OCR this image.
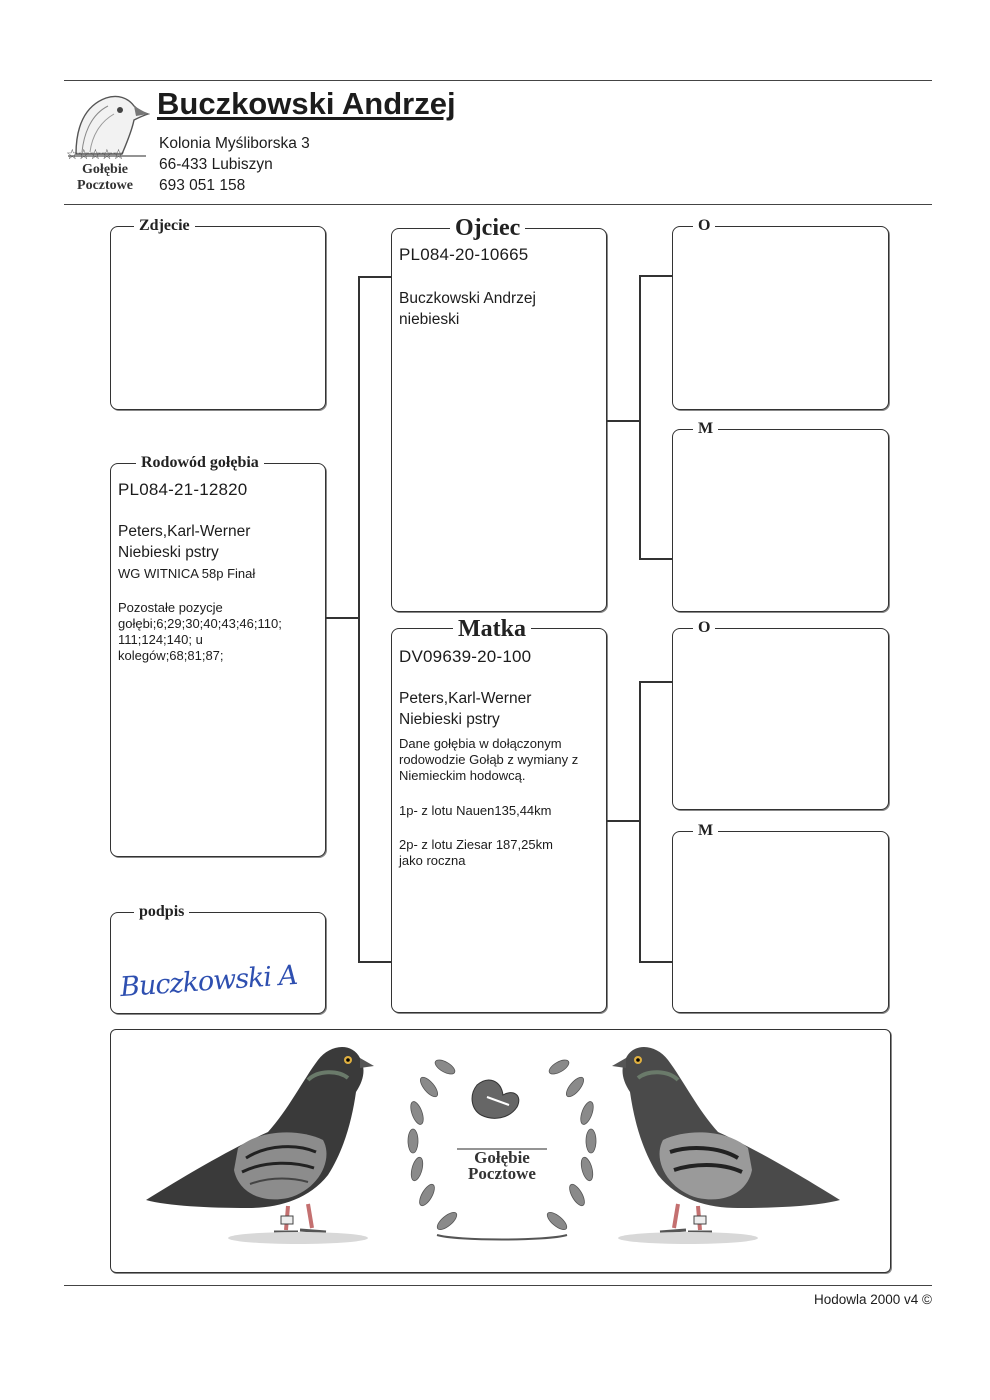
☆☆☆☆☆
Gołębie
Pocztowe
Buczkowski Andrzej
Kolonia Myśliborska 3
66-433 Lubiszyn
693 051 158
Zdjecie
Rodowód gołębia
PL084-21-12820
Peters,Karl-Werner
Niebieski pstry
WG WITNICA 58p Finał
Pozostałe pozycje
gołębi;6;29;30;40;43;46;110;
111;124;140; u
kolegów;68;81;87;
podpis
Buczkowski A
Ojciec
PL084-20-10665
Buczkowski Andrzej
niebieski
Matka
DV09639-20-100
Peters,Karl-Werner
Niebieski pstry
Dane gołębia w dołączonym
rodowodzie Gołąb z wymiany z
Niemieckim hodowcą.
1p- z lotu Nauen135,44km
2p- z lotu Ziesar 187,25km
jako roczna
O
M
O
M
Gołębie
Pocztowe
Hodowla 2000 v4 ©
